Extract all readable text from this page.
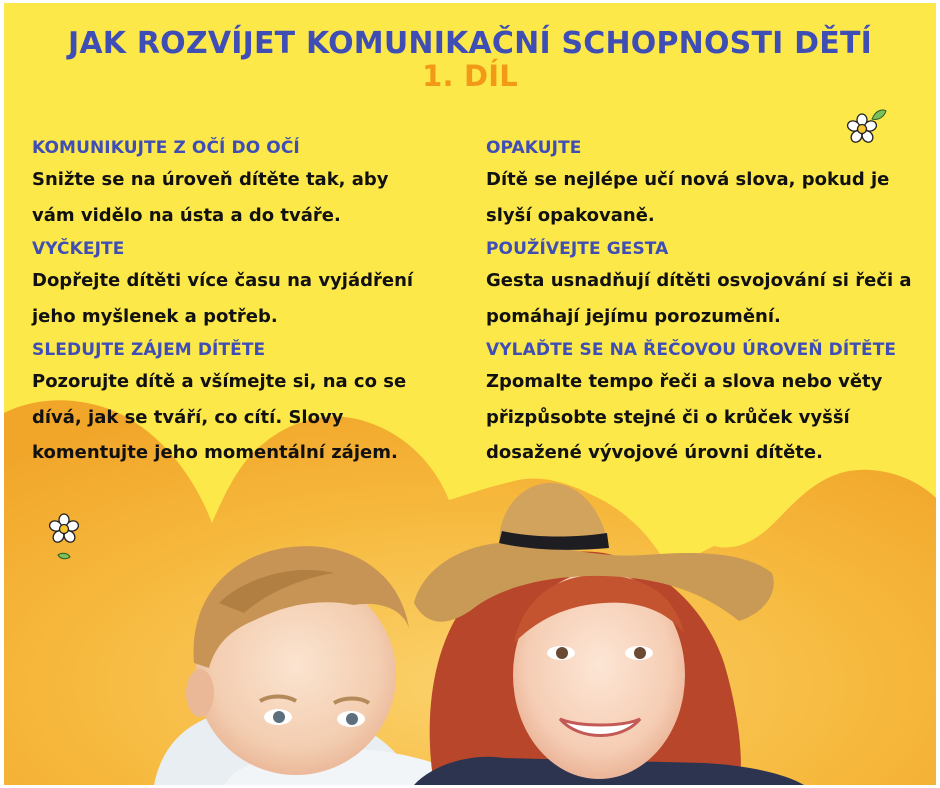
JAK ROZVÍJET KOMUNIKAČNÍ SCHOPNOSTI DĚTÍ
1. DÍL
KOMUNIKUJTE Z OČÍ DO OČÍ
Snižte se na úroveň dítěte tak, aby
vám vidělo na ústa a do tváře.
VYČKEJTE
Dopřejte dítěti více času na vyjádření
jeho myšlenek a potřeb.
SLEDUJTE ZÁJEM DÍTĚTE
Pozorujte dítě a všímejte si, na co se
dívá, jak se tváří, co cítí. Slovy
komentujte jeho momentální zájem.
OPAKUJTE
Dítě se nejlépe učí nová slova, pokud je
slyší opakovaně.
POUŽÍVEJTE GESTA
Gesta usnadňují dítěti osvojování si řeči a
pomáhají jejímu porozumění.
VYLAĎTE SE NA ŘEČOVOU ÚROVEŇ DÍTĚTE
Zpomalte tempo řeči a slova nebo věty
přizpůsobte stejné či o krůček vyšší
dosažené vývojové úrovni dítěte.
